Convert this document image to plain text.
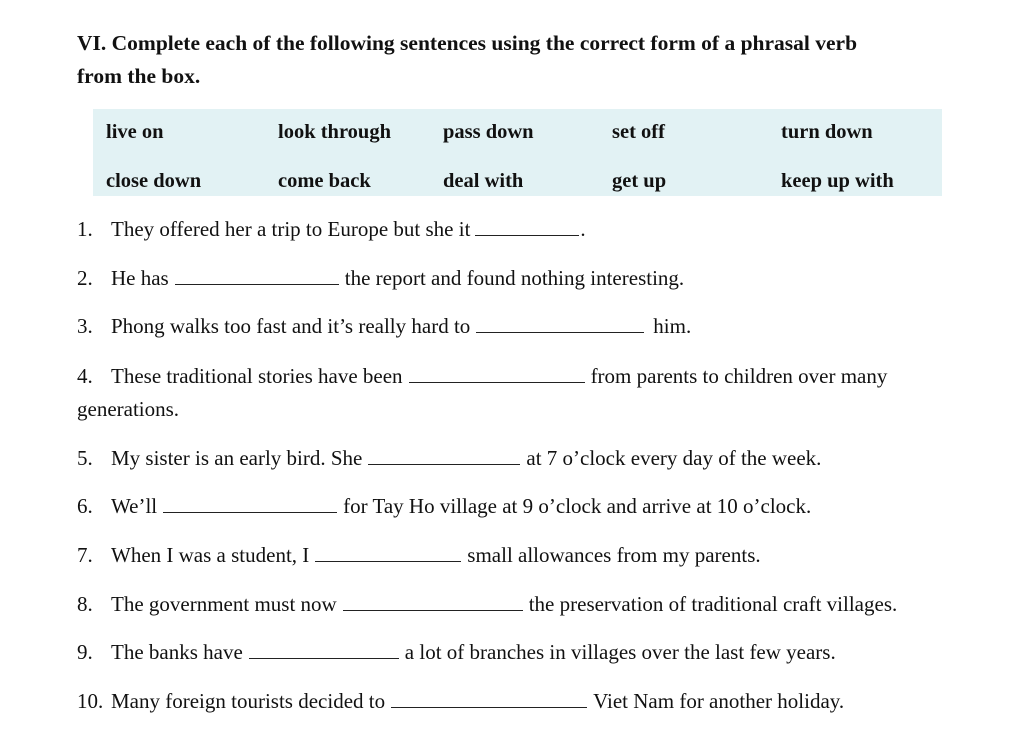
VI. Complete each of the following sentences using the correct form of a phrasal verb
from the box.
live on	look through	pass down	set off	turn down
close down	come back	deal with	get up	keep up with
1. They offered her a trip to Europe but she it	.
2. He has	the report and found nothing interesting.
3. Phong walks too fast and it’s really hard to	him.
4. These traditional stories have been	from parents to children over many generations.
5. My sister is an early bird. She	at 7 o’clock every day of the week.
6. We’ll	for Tay Ho village at 9 o’clock and arrive at 10 o’clock.
7. When I was a student, I	small allowances from my parents.
8. The government must now	the preservation of traditional craft villages.
9. The banks have	a lot of branches in villages over the last few years.
10. Many foreign tourists decided to	Viet Nam for another holiday.
